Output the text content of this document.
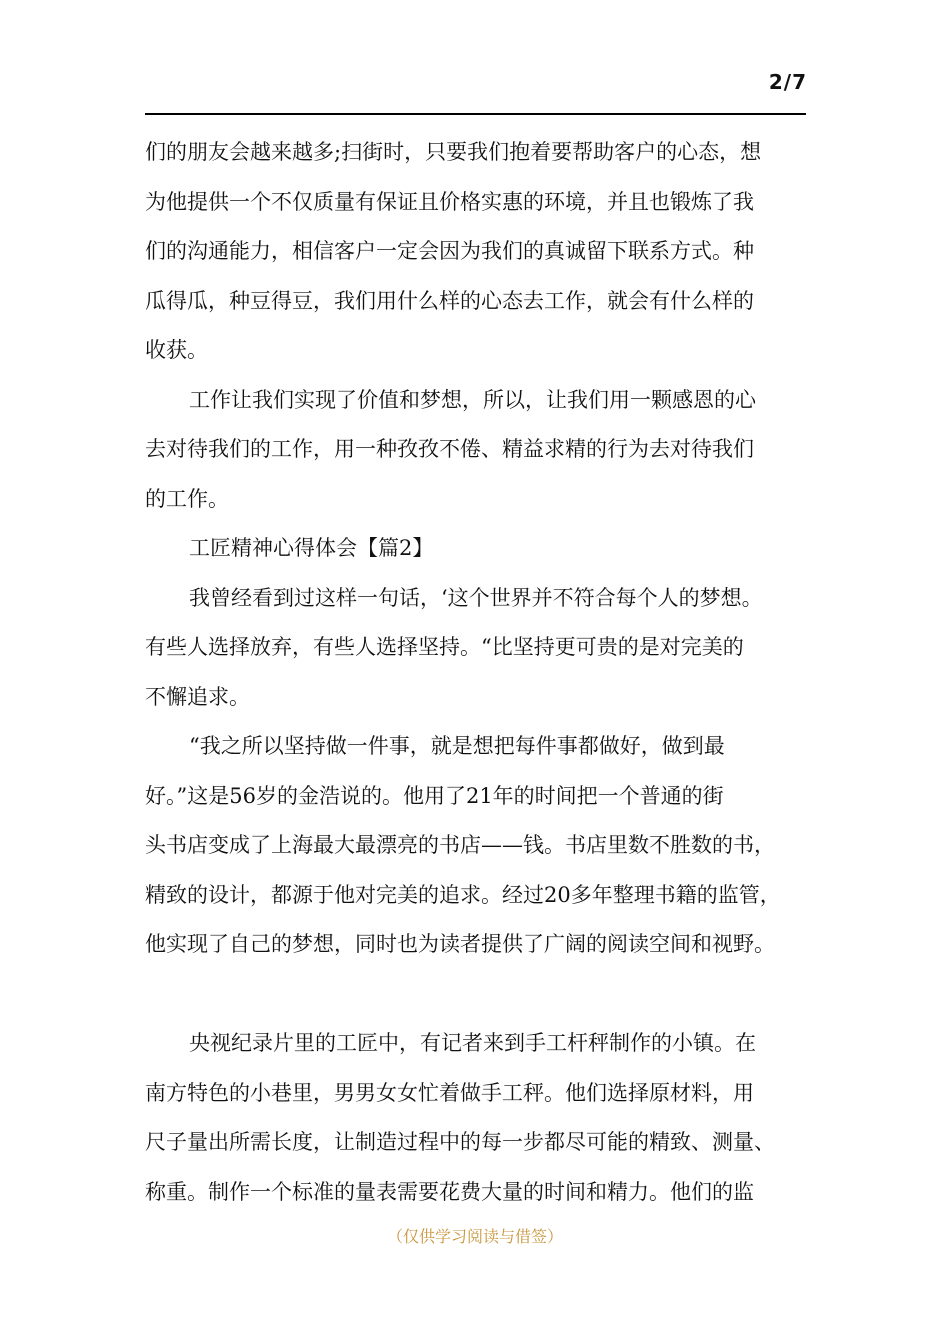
2/7

们的朋友会越来越多;扫街时，只要我们抱着要帮助客户的心态，想
为他提供一个不仅质量有保证且价格实惠的环境，并且也锻炼了我
们的沟通能力，相信客户一定会因为我们的真诚留下联系方式。种
瓜得瓜，种豆得豆，我们用什么样的心态去工作，就会有什么样的
收获。

工作让我们实现了价值和梦想，所以，让我们用一颗感恩的心
去对待我们的工作，用一种孜孜不倦、精益求精的行为去对待我们
的工作。

工匠精神心得体会【篇2】

我曾经看到过这样一句话，‘这个世界并不符合每个人的梦想。
有些人选择放弃，有些人选择坚持。“比坚持更可贵的是对完美的
不懈追求。

“我之所以坚持做一件事，就是想把每件事都做好，做到最
好。”这是56岁的金浩说的。他用了21年的时间把一个普通的街
头书店变成了上海最大最漂亮的书店——钱。书店里数不胜数的书，
精致的设计，都源于他对完美的追求。经过20多年整理书籍的监管，
他实现了自己的梦想，同时也为读者提供了广阔的阅读空间和视野。

央视纪录片里的工匠中，有记者来到手工杆秤制作的小镇。在
南方特色的小巷里，男男女女忙着做手工秤。他们选择原材料，用
尺子量出所需长度，让制造过程中的每一步都尽可能的精致、测量、
称重。制作一个标准的量表需要花费大量的时间和精力。他们的监

（仅供学习阅读与借签）
